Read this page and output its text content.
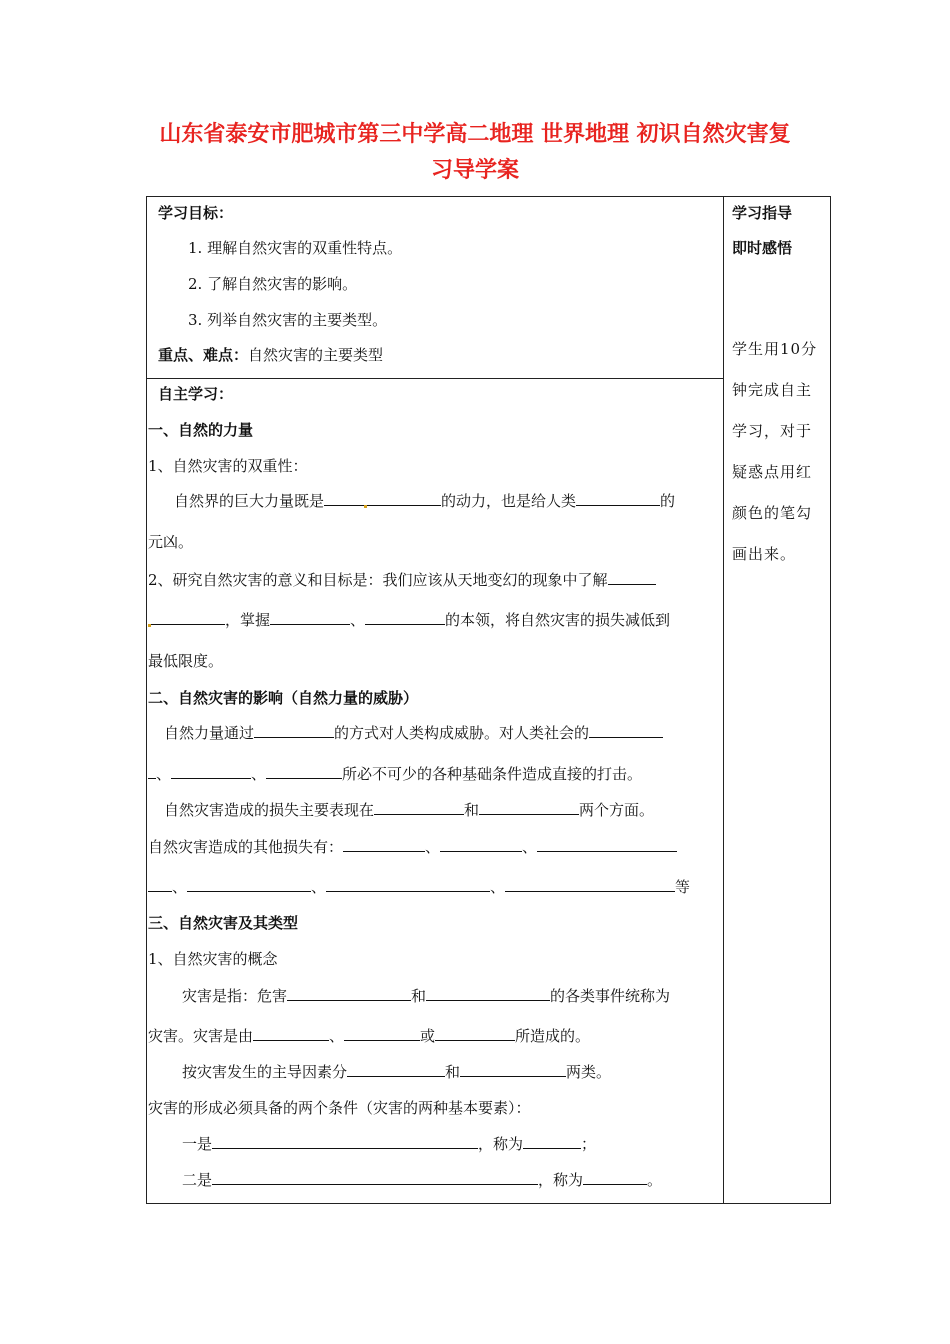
山东省泰安市肥城市第三中学高二地理 世界地理 初识自然灾害复
习导学案
学习目标：
1. 理解自然灾害的双重性特点。
2. 了解自然灾害的影响。
3. 列举自然灾害的主要类型。
重点、难点：自然灾害的主要类型
学习指导
即时感悟
学生用10分钟完成自主学习，对于疑惑点用红颜色的笔勾画出来。
自主学习：
一、自然的力量
1、自然灾害的双重性：
自然界的巨大力量既是	的动力，也是给人类	的
元凶。
2、研究自然灾害的意义和目标是：我们应该从天地变幻的现象中了解
，掌握	、	的本领，将自然灾害的损失减低到
最低限度。
二、自然灾害的影响（自然力量的威胁）
自然力量通过	的方式对人类构成威胁。对人类社会的
、	、	所必不可少的各种基础条件造成直接的打击。
自然灾害造成的损失主要表现在	和	两个方面。
自然灾害造成的其他损失有：	、	、
、	、	、	等
三、自然灾害及其类型
1、自然灾害的概念
灾害是指：危害	和	的各类事件统称为
灾害。灾害是由	、	或	所造成的。
按灾害发生的主导因素分	和	两类。
灾害的形成必须具备的两个条件（灾害的两种基本要素）：
一是	，称为	；
二是	，称为	。
